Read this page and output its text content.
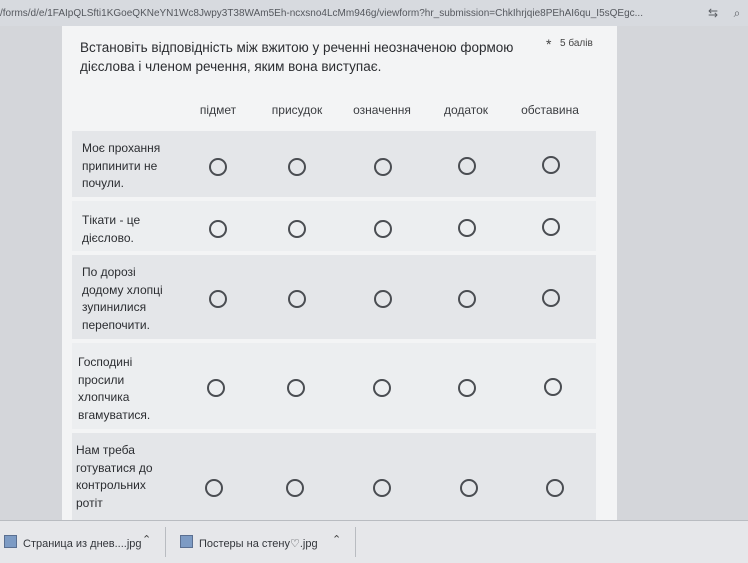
/forms/d/e/1FAIpQLSfti1KGoeQKNeYN1Wc8Jwpy3T38WAm5Eh-ncxsno4LcMm946g/viewform?hr_submission=ChkIhrjqie8PEhAI6qu_I5sQEgc...	⇆	⌕
Встановіть відповідність між вжитою у реченні неозначеною формою дієслова і членом речення, яким вона виступає.
* 5 балів
підмет	присудок	означення	додаток	обставина
Моє прохання припинити не почули.
Тікати - це дієслово.
По дорозі додому хлопці зупинилися перепочити.
Господині просили хлопчика вгамуватися.
Нам треба готуватися до контрольних ротіт
Страница из днев....jpg ⌃	Постеры на стену♡.jpg ⌃
